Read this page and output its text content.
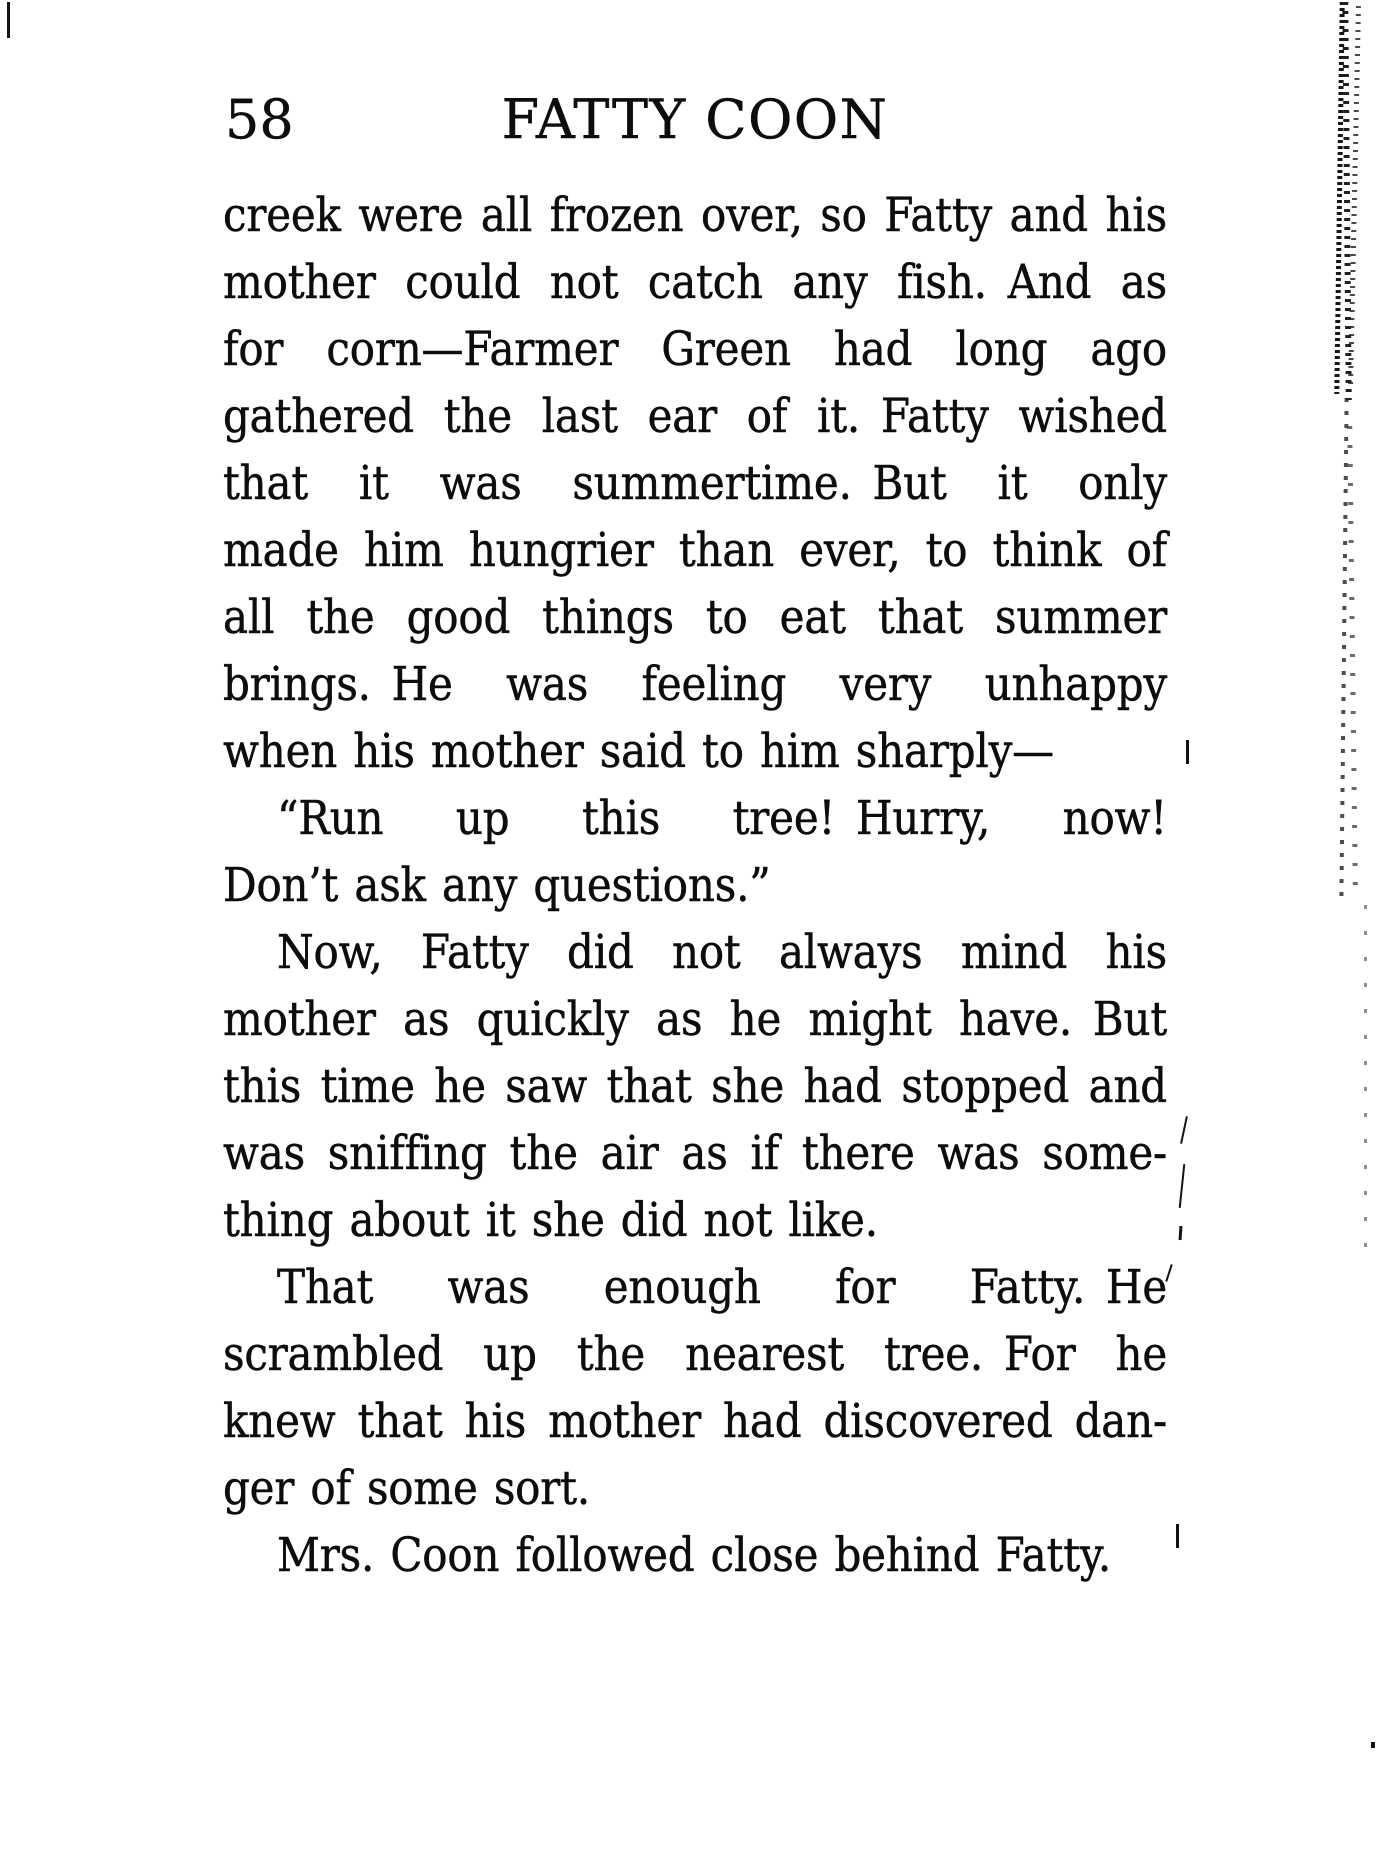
58	FATTY COON
creek were all frozen over, so Fatty and his
mother could not catch any fish. And as
for corn—Farmer Green had long ago
gathered the last ear of it. Fatty wished
that it was summertime. But it only
made him hungrier than ever, to think of
all the good things to eat that summer
brings. He was feeling very unhappy
when his mother said to him sharply—
“Run up this tree! Hurry, now!
Don’t ask any questions.”
Now, Fatty did not always mind his
mother as quickly as he might have. But
this time he saw that she had stopped and
was sniffing the air as if there was some-
thing about it she did not like.
That was enough for Fatty. He
scrambled up the nearest tree. For he
knew that his mother had discovered dan-
ger of some sort.
Mrs. Coon followed close behind Fatty.
